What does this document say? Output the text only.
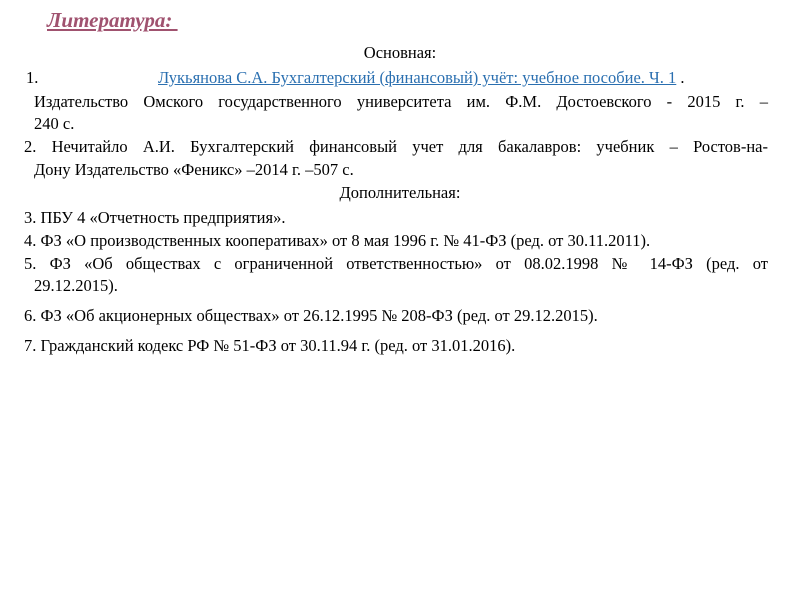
Литература:

Основная:

1.	Лукьянова С.А. Бухгалтерский (финансовый) учёт: учебное пособие. Ч. 1 .

Издательство Омского государственного университета им. Ф.М. Достоевского - 2015 г. –

240 с.

2. Нечитайло А.И. Бухгалтерский финансовый учет для бакалавров: учебник – Ростов-на-

Дону Издательство «Феникс» –2014 г. –507 с.

Дополнительная:

3. ПБУ 4 «Отчетность предприятия».

4. ФЗ «О производственных кооперативах» от 8 мая 1996 г. № 41-ФЗ (ред. от 30.11.2011).

5. ФЗ «Об обществах с ограниченной ответственностью» от 08.02.1998 № 14-ФЗ (ред. от

29.12.2015).

6. ФЗ «Об акционерных обществах» от 26.12.1995 № 208-ФЗ (ред. от 29.12.2015).

7. Гражданский кодекс РФ № 51-ФЗ от 30.11.94 г. (ред. от 31.01.2016).
